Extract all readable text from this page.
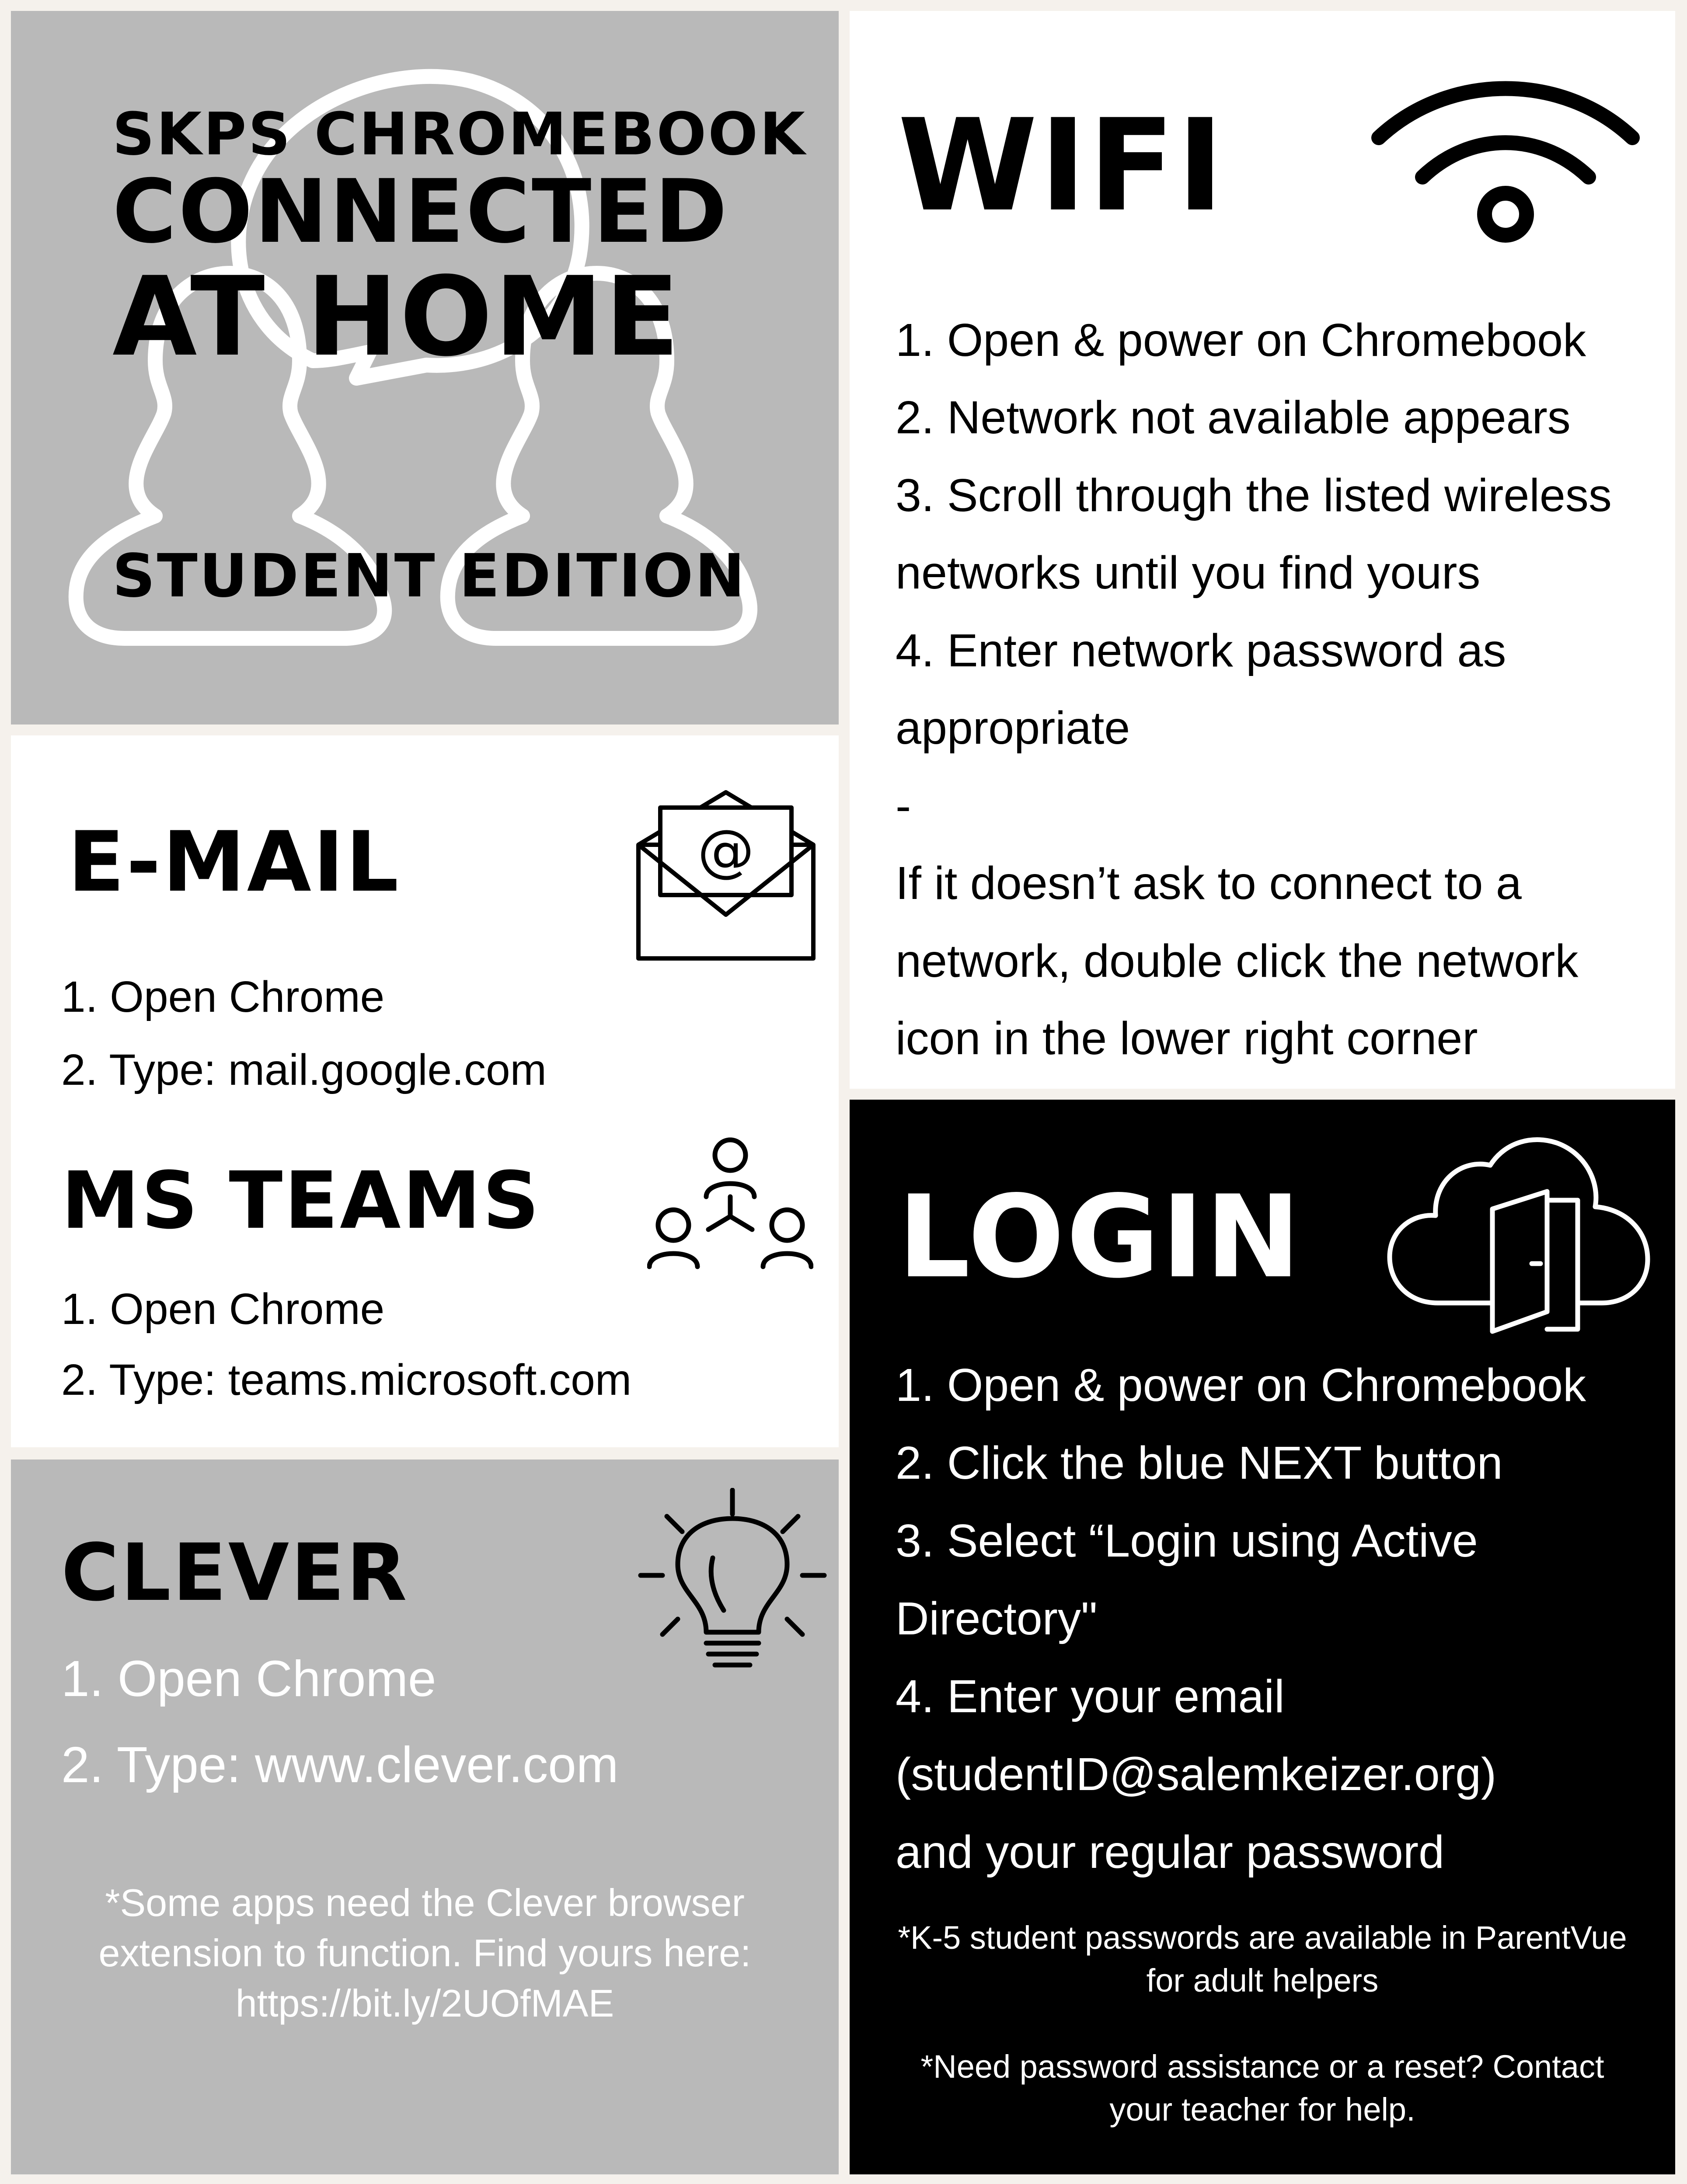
SKPS CHROMEBOOK

CONNECTED

AT HOME

STUDENT EDITION

E-MAIL	@

1. Open Chrome

2. Type: mail.google.com

MS TEAMS

1. Open Chrome

2. Type: teams.microsoft.com

CLEVER

1. Open Chrome

2. Type: www.clever.com

*Some apps need the Clever browser

extension to function. Find yours here:

https://bit.ly/2UOfMAE

WIFI

1. Open & power on Chromebook

2. Network not available appears

3. Scroll through the listed wireless

networks until you find yours

4. Enter network password as

appropriate

-

If it doesn’t ask to connect to a

network, double click the network

icon in the lower right corner

LOGIN

1. Open & power on Chromebook

2. Click the blue NEXT button

3. Select “Login using Active

Directory"

4. Enter your email

(studentID@salemkeizer.org)

and your regular password

*K-5 student passwords are available in ParentVue

for adult helpers

*Need password assistance or a reset? Contact

your teacher for help.
